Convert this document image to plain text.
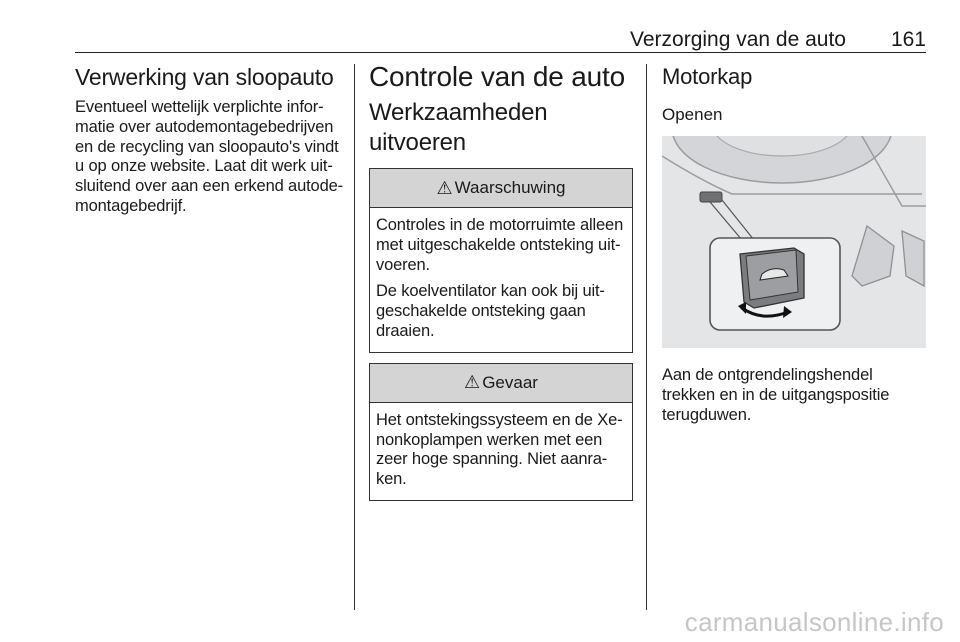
Verzorging van de auto 161
Verwerking van sloopauto

Eventueel wettelijk verplichte infor-matie over autodemontagebedrijven en de recycling van sloopauto's vindt u op onze website. Laat dit werk uit-sluitend over aan een erkend autode-montagebedrijf.

Controle van de auto
Werkzaamheden uitvoeren
⚠ Waarschuwing

Controles in de motorruimte alleen met uitgeschakelde ontsteking uit-voeren.

De koelventilator kan ook bij uit-geschakelde ontsteking gaan draaien.

⚠ Gevaar

Het ontstekingssysteem en de Xe-nonkoplampen werken met een zeer hoge spanning. Niet aanra-ken.

Motorkap
Openen

Aan de ontgrendelingshendel trekken en in de uitgangspositie terugduwen.

carmanualsonline.info
